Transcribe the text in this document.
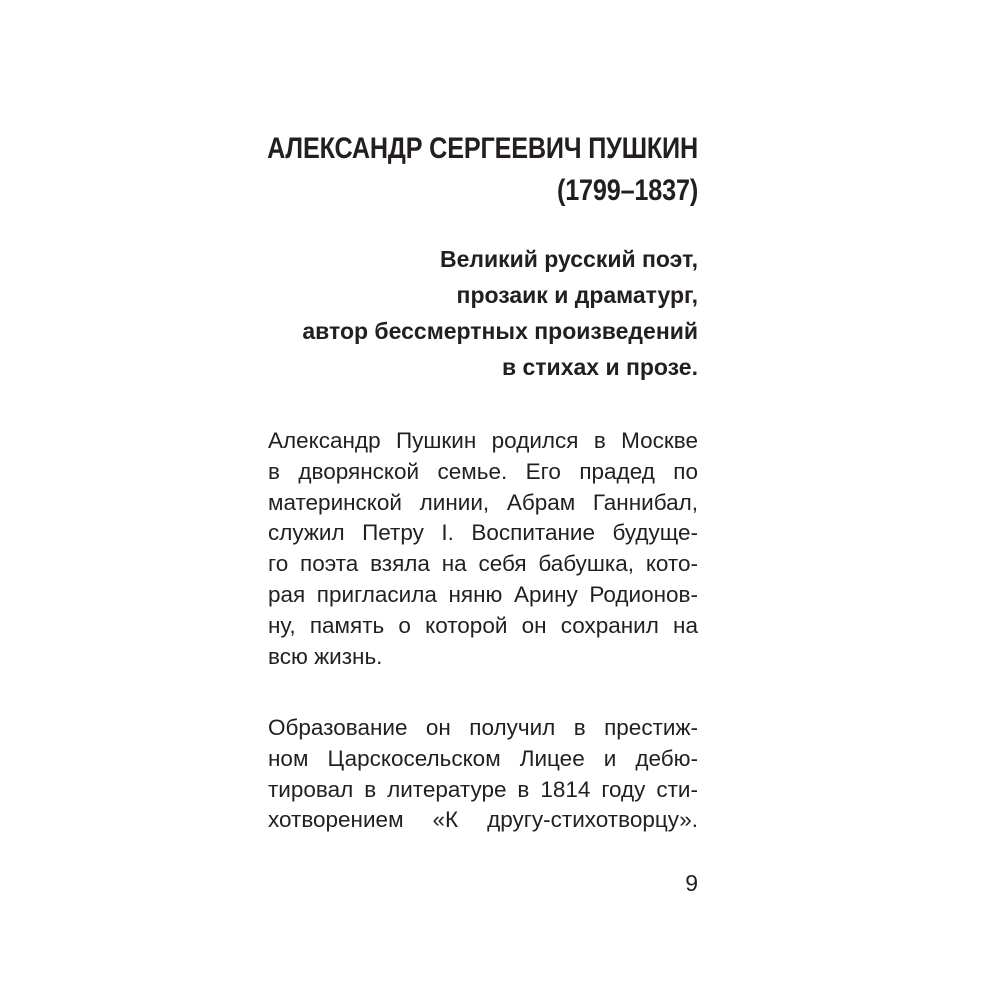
АЛЕКСАНДР СЕРГЕЕВИЧ ПУШКИН
(1799–1837)
Великий русский поэт,
прозаик и драматург,
автор бессмертных произведений
в стихах и прозе.
Александр Пушкин родился в Москве
в дворянской семье. Его прадед по
материнской линии, Абрам Ганнибал,
служил Петру I. Воспитание будуще-
го поэта взяла на себя бабушка, кото-
рая пригласила няню Арину Родионов-
ну, память о которой он сохранил на
всю жизнь.
Образование он получил в престиж-
ном Царскосельском Лицее и дебю-
тировал в литературе в 1814 году сти-
хотворением «К другу-стихотворцу».
9
